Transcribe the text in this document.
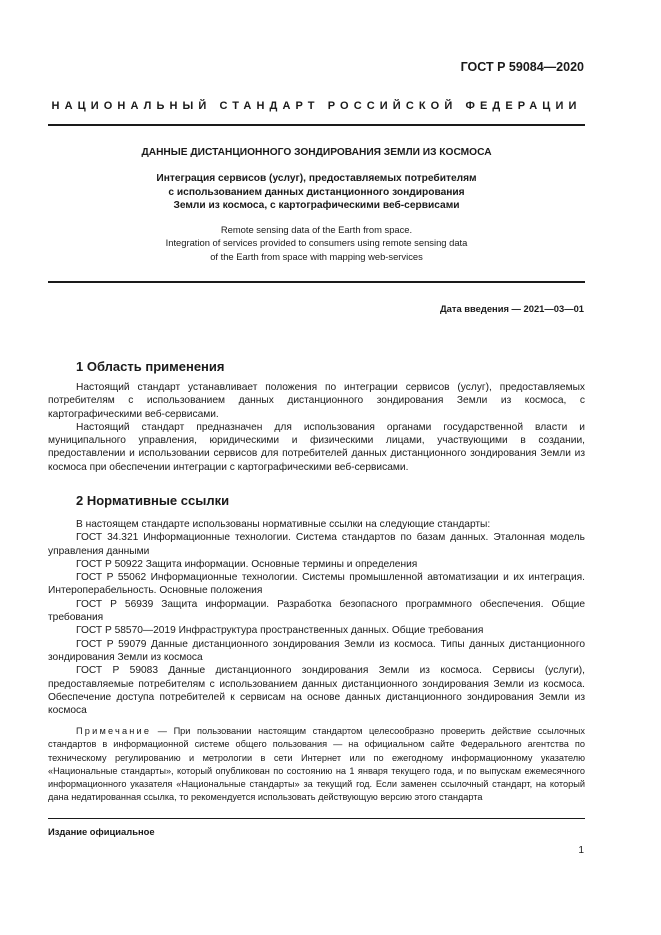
ГОСТ Р 59084—2020
НАЦИОНАЛЬНЫЙ СТАНДАРТ РОССИЙСКОЙ ФЕДЕРАЦИИ
ДАННЫЕ ДИСТАНЦИОННОГО ЗОНДИРОВАНИЯ ЗЕМЛИ ИЗ КОСМОСА
Интеграция сервисов (услуг), предоставляемых потребителям
с использованием данных дистанционного зондирования
Земли из космоса, с картографическими веб-сервисами
Remote sensing data of the Earth from space.
Integration of services provided to consumers using remote sensing data
of the Earth from space with mapping web-services
Дата введения — 2021—03—01
1 Область применения

Настоящий стандарт устанавливает положения по интеграции сервисов (услуг), предоставляемых потребителям с использованием данных дистанционного зондирования Земли из космоса, с картографическими веб-сервисами.

Настоящий стандарт предназначен для использования органами государственной власти и муниципального управления, юридическими и физическими лицами, участвующими в создании, предоставлении и использовании сервисов для потребителей данных дистанционного зондирования Земли из космоса при обеспечении интеграции с картографическими веб-сервисами.

2 Нормативные ссылки

В настоящем стандарте использованы нормативные ссылки на следующие стандарты:

ГОСТ 34.321 Информационные технологии. Система стандартов по базам данных. Эталонная модель управления данными

ГОСТ Р 50922 Защита информации. Основные термины и определения

ГОСТ Р 55062 Информационные технологии. Системы промышленной автоматизации и их интеграция. Интероперабельность. Основные положения

ГОСТ Р 56939 Защита информации. Разработка безопасного программного обеспечения. Общие требования

ГОСТ Р 58570—2019 Инфраструктура пространственных данных. Общие требования

ГОСТ Р 59079 Данные дистанционного зондирования Земли из космоса. Типы данных дистанционного зондирования Земли из космоса

ГОСТ Р 59083 Данные дистанционного зондирования Земли из космоса. Сервисы (услуги), предоставляемые потребителям с использованием данных дистанционного зондирования Земли из космоса. Обеспечение доступа потребителей к сервисам на основе данных дистанционного зондирования Земли из космоса

Примечание — При пользовании настоящим стандартом целесообразно проверить действие ссылочных стандартов в информационной системе общего пользования — на официальном сайте Федерального агентства по техническому регулированию и метрологии в сети Интернет или по ежегодному информационному указателю «Национальные стандарты», который опубликован по состоянию на 1 января текущего года, и по выпускам ежемесячного информационного указателя «Национальные стандарты» за текущий год. Если заменен ссылочный стандарт, на который дана недатированная ссылка, то рекомендуется использовать действующую версию этого стандарта
Издание официальное
1
